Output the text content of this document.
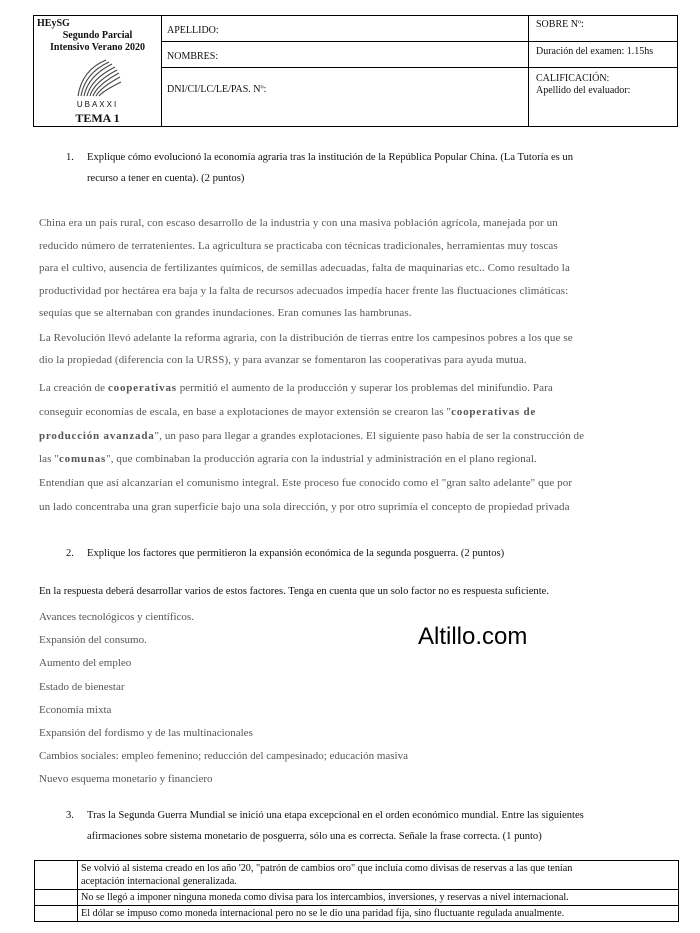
HEySG
Segundo Parcial
Intensivo Verano 2020
UBAXXI
TEMA 1
APELLIDO:
NOMBRES:
DNI/CI/LC/LE/PAS. Nº:
SOBRE Nº:
Duración del examen: 1.15hs
CALIFICACIÓN:
Apellido del evaluador:
1. Explique cómo evolucionó la economía agraria tras la institución de la República Popular China. (La Tutoría es un
recurso a tener en cuenta). (2 puntos)
China era un país rural, con escaso desarrollo de la industria y con una masiva población agrícola, manejada por un
reducido número de terratenientes. La agricultura se practicaba con técnicas tradicionales, herramientas muy toscas
para el cultivo, ausencia de fertilizantes químicos, de semillas adecuadas, falta de maquinarias etc.. Como resultado la
productividad por hectárea era baja y la falta de recursos adecuados impedía hacer frente las fluctuaciones climáticas:
sequías que se alternaban con grandes inundaciones. Eran comunes las hambrunas.
La Revolución llevó adelante la reforma agraria, con la distribución de tierras entre los campesinos pobres a los que se
dio la propiedad (diferencia con la URSS), y para avanzar se fomentaron las cooperativas para ayuda mutua.
La creación de cooperativas permitió el aumento de la producción y superar los problemas del minifundio. Para
conseguir economías de escala, en base a explotaciones de mayor extensión se crearon las "cooperativas de
producción avanzada", un paso para llegar a grandes explotaciones. El siguiente paso había de ser la construcción de
las "comunas", que combinaban la producción agraria con la industrial y administración en el plano regional.
Entendían que así alcanzarían el comunismo integral. Este proceso fue conocido como el "gran salto adelante" que por
un lado concentraba una gran superficie bajo una sola dirección, y por otro suprimía el concepto de propiedad privada
2. Explique los factores que permitieron la expansión económica de la segunda posguerra. (2 puntos)
En la respuesta deberá desarrollar varios de estos factores. Tenga en cuenta que un solo factor no es respuesta suficiente.
Avances tecnológicos y científicos.
Expansión del consumo.
Aumento del empleo
Estado de bienestar
Economía mixta
Expansión del fordismo y de las multinacionales
Cambios sociales: empleo femenino; reducción del campesinado; educación masiva
Nuevo esquema monetario y financiero
Altillo.com
3. Tras la Segunda Guerra Mundial se inició una etapa excepcional en el orden económico mundial. Entre las siguientes
afirmaciones sobre sistema monetario de posguerra, sólo una es correcta. Señale la frase correcta. (1 punto)

	Se volvió al sistema creado en los año '20, "patrón de cambios oro" que incluía como divisas de reservas a las que tenían
aceptación internacional generalizada.

	No se llegó a imponer ninguna moneda como divisa para los intercambios, inversiones, y reservas a nivel internacional.

	El dólar se impuso como moneda internacional pero no se le dio una paridad fija, sino fluctuante regulada anualmente.
